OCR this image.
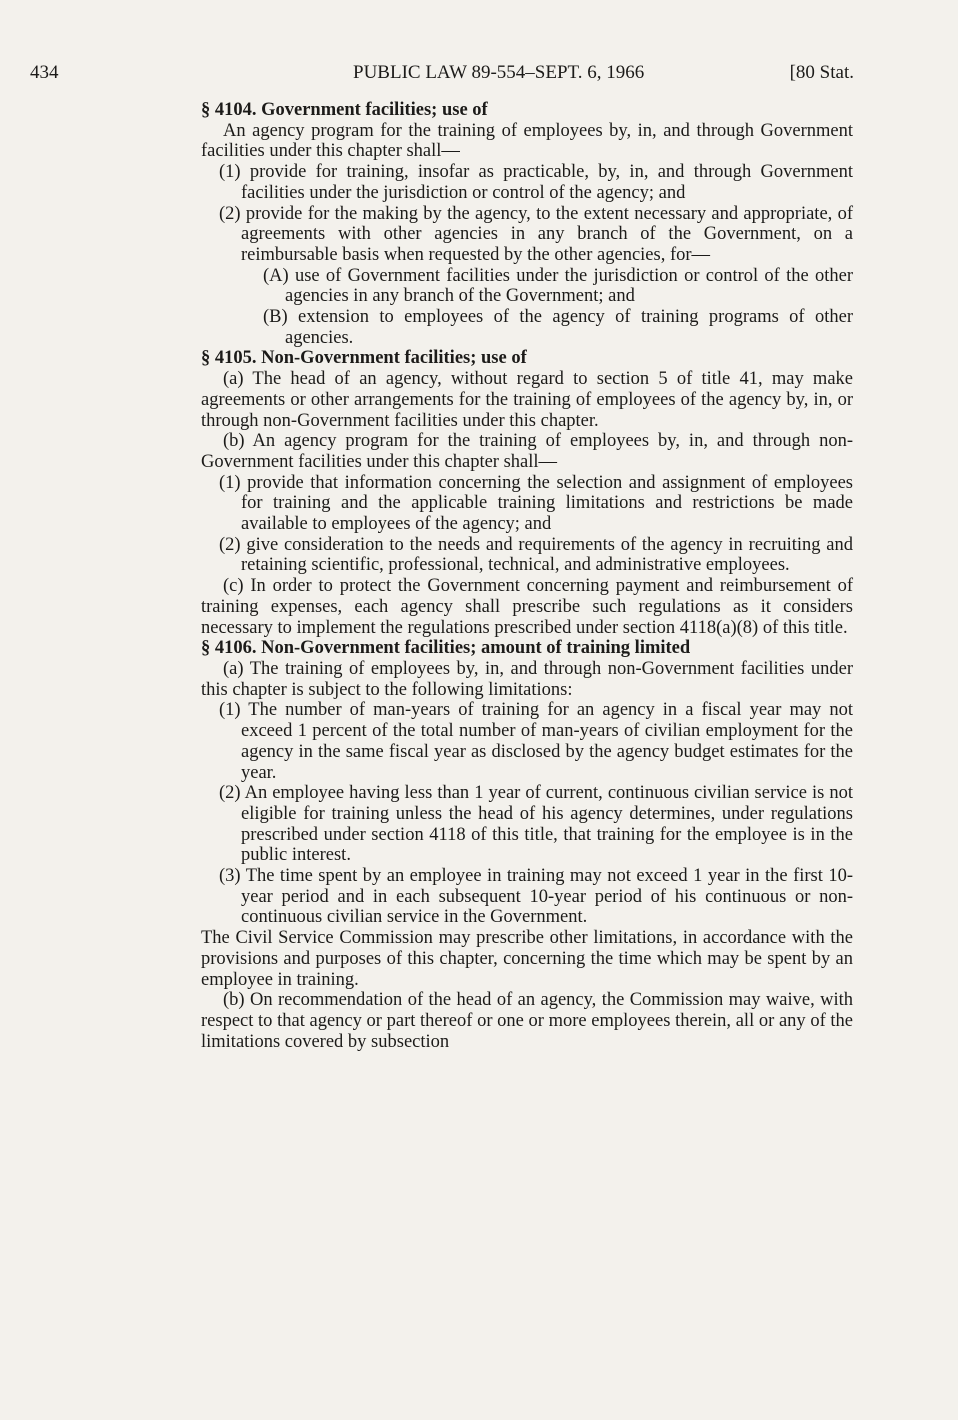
434	PUBLIC LAW 89-554–SEPT. 6, 1966	[80 Stat.

§ 4104. Government facilities; use of

An agency program for the training of employees by, in, and through Government facilities under this chapter shall—

(1) provide for training, insofar as practicable, by, in, and through Government facilities under the jurisdiction or control of the agency; and

(2) provide for the making by the agency, to the extent necessary and appropriate, of agreements with other agencies in any branch of the Government, on a reimbursable basis when requested by the other agencies, for—

(A) use of Government facilities under the jurisdiction or control of the other agencies in any branch of the Government; and

(B) extension to employees of the agency of training programs of other agencies.

§ 4105. Non-Government facilities; use of

(a) The head of an agency, without regard to section 5 of title 41, may make agreements or other arrangements for the training of employees of the agency by, in, or through non-Government facilities under this chapter.

(b) An agency program for the training of employees by, in, and through non-Government facilities under this chapter shall—

(1) provide that information concerning the selection and assignment of employees for training and the applicable training limitations and restrictions be made available to employees of the agency; and

(2) give consideration to the needs and requirements of the agency in recruiting and retaining scientific, professional, technical, and administrative employees.

(c) In order to protect the Government concerning payment and reimbursement of training expenses, each agency shall prescribe such regulations as it considers necessary to implement the regulations prescribed under section 4118(a)(8) of this title.

§ 4106. Non-Government facilities; amount of training limited

(a) The training of employees by, in, and through non-Government facilities under this chapter is subject to the following limitations:

(1) The number of man-years of training for an agency in a fiscal year may not exceed 1 percent of the total number of man-years of civilian employment for the agency in the same fiscal year as disclosed by the agency budget estimates for the year.

(2) An employee having less than 1 year of current, continuous civilian service is not eligible for training unless the head of his agency determines, under regulations prescribed under section 4118 of this title, that training for the employee is in the public interest.

(3) The time spent by an employee in training may not exceed 1 year in the first 10-year period and in each subsequent 10-year period of his continuous or non-continuous civilian service in the Government.

The Civil Service Commission may prescribe other limitations, in accordance with the provisions and purposes of this chapter, concerning the time which may be spent by an employee in training.

(b) On recommendation of the head of an agency, the Commission may waive, with respect to that agency or part thereof or one or more employees therein, all or any of the limitations covered by subsection
